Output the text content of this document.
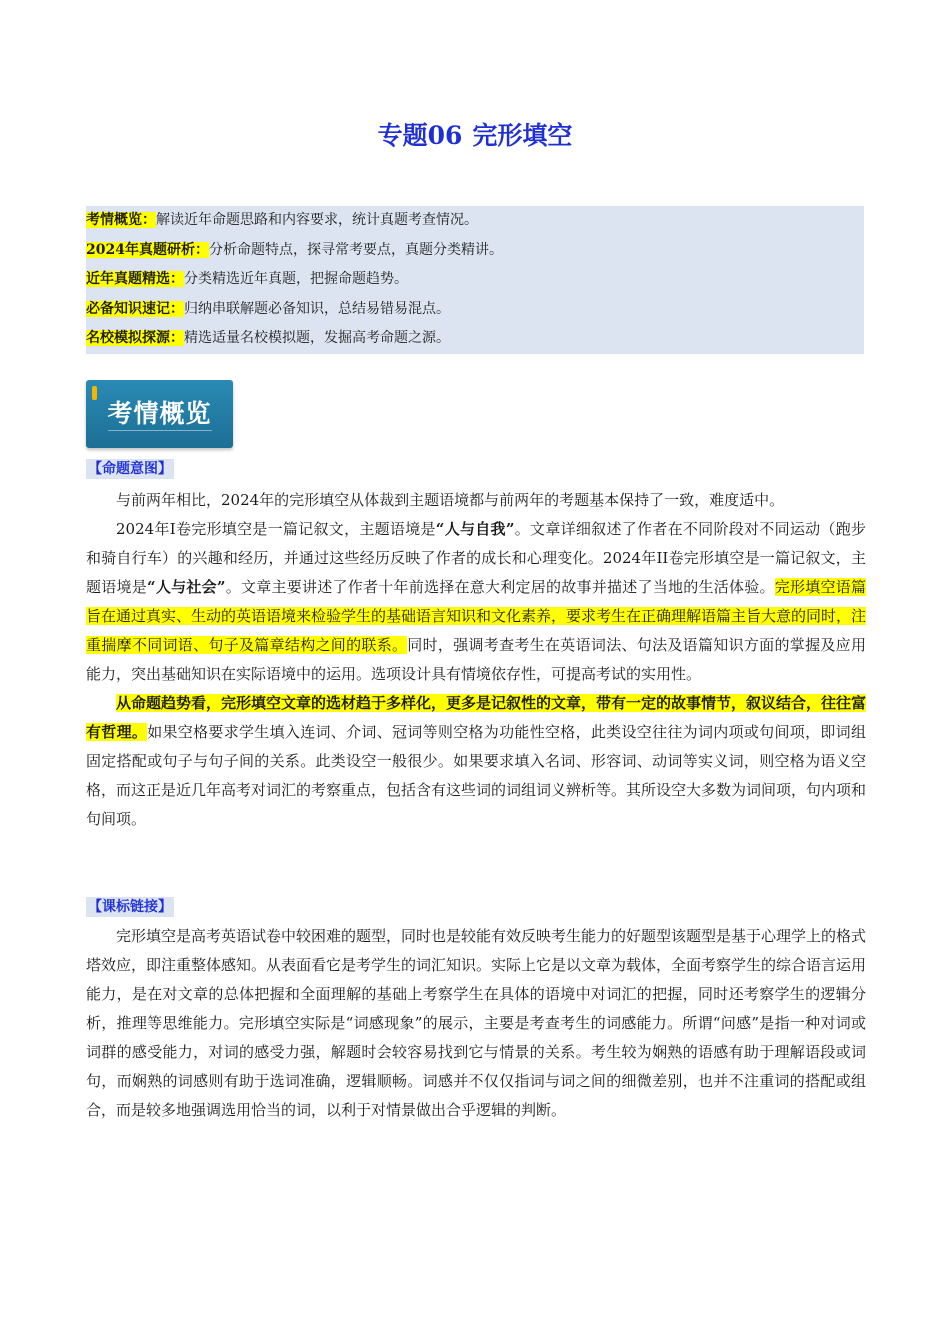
专题06 完形填空
考情概览：解读近年命题思路和内容要求，统计真题考查情况。
2024年真题研析：分析命题特点，探寻常考要点，真题分类精讲。
近年真题精选：分类精选近年真题，把握命题趋势。
必备知识速记：归纳串联解题必备知识，总结易错易混点。
名校模拟探源：精选适量名校模拟题，发掘高考命题之源。
考情概览
【命题意图】

与前两年相比，2024年的完形填空从体裁到主题语境都与前两年的考题基本保持了一致，难度适中。

2024年I卷完形填空是一篇记叙文，主题语境是“人与自我”。文章详细叙述了作者在不同阶段对不同运动（跑步和骑自行车）的兴趣和经历，并通过这些经历反映了作者的成长和心理变化。2024年II卷完形填空是一篇记叙文，主题语境是“人与社会”。文章主要讲述了作者十年前选择在意大利定居的故事并描述了当地的生活体验。完形填空语篇旨在通过真实、生动的英语语境来检验学生的基础语言知识和文化素养，要求考生在正确理解语篇主旨大意的同时，注重揣摩不同词语、句子及篇章结构之间的联系。同时，强调考查考生在英语词法、句法及语篇知识方面的掌握及应用能力，突出基础知识在实际语境中的运用。选项设计具有情境依存性，可提高考试的实用性。

从命题趋势看，完形填空文章的选材趋于多样化，更多是记叙性的文章，带有一定的故事情节，叙议结合，往往富有哲理。如果空格要求学生填入连词、介词、冠词等则空格为功能性空格，此类设空往往为词内项或句间项，即词组固定搭配或句子与句子间的关系。此类设空一般很少。如果要求填入名词、形容词、动词等实义词，则空格为语义空格，而这正是近几年高考对词汇的考察重点，包括含有这些词的词组词义辨析等。其所设空大多数为词间项，句内项和句间项。

【课标链接】

完形填空是高考英语试卷中较困难的题型，同时也是较能有效反映考生能力的好题型该题型是基于心理学上的格式塔效应，即注重整体感知。从表面看它是考学生的词汇知识。实际上它是以文章为载体，全面考察学生的综合语言运用能力，是在对文章的总体把握和全面理解的基础上考察学生在具体的语境中对词汇的把握，同时还考察学生的逻辑分析，推理等思维能力。完形填空实际是“词感现象”的展示，主要是考查考生的词感能力。所谓“问感”是指一种对词或词群的感受能力，对词的感受力强，解题时会较容易找到它与情景的关系。考生较为娴熟的语感有助于理解语段或词句，而娴熟的词感则有助于选词准确，逻辑顺畅。词感并不仅仅指词与词之间的细微差别，也并不注重词的搭配或组合，而是较多地强调选用恰当的词，以利于对情景做出合乎逻辑的判断。
